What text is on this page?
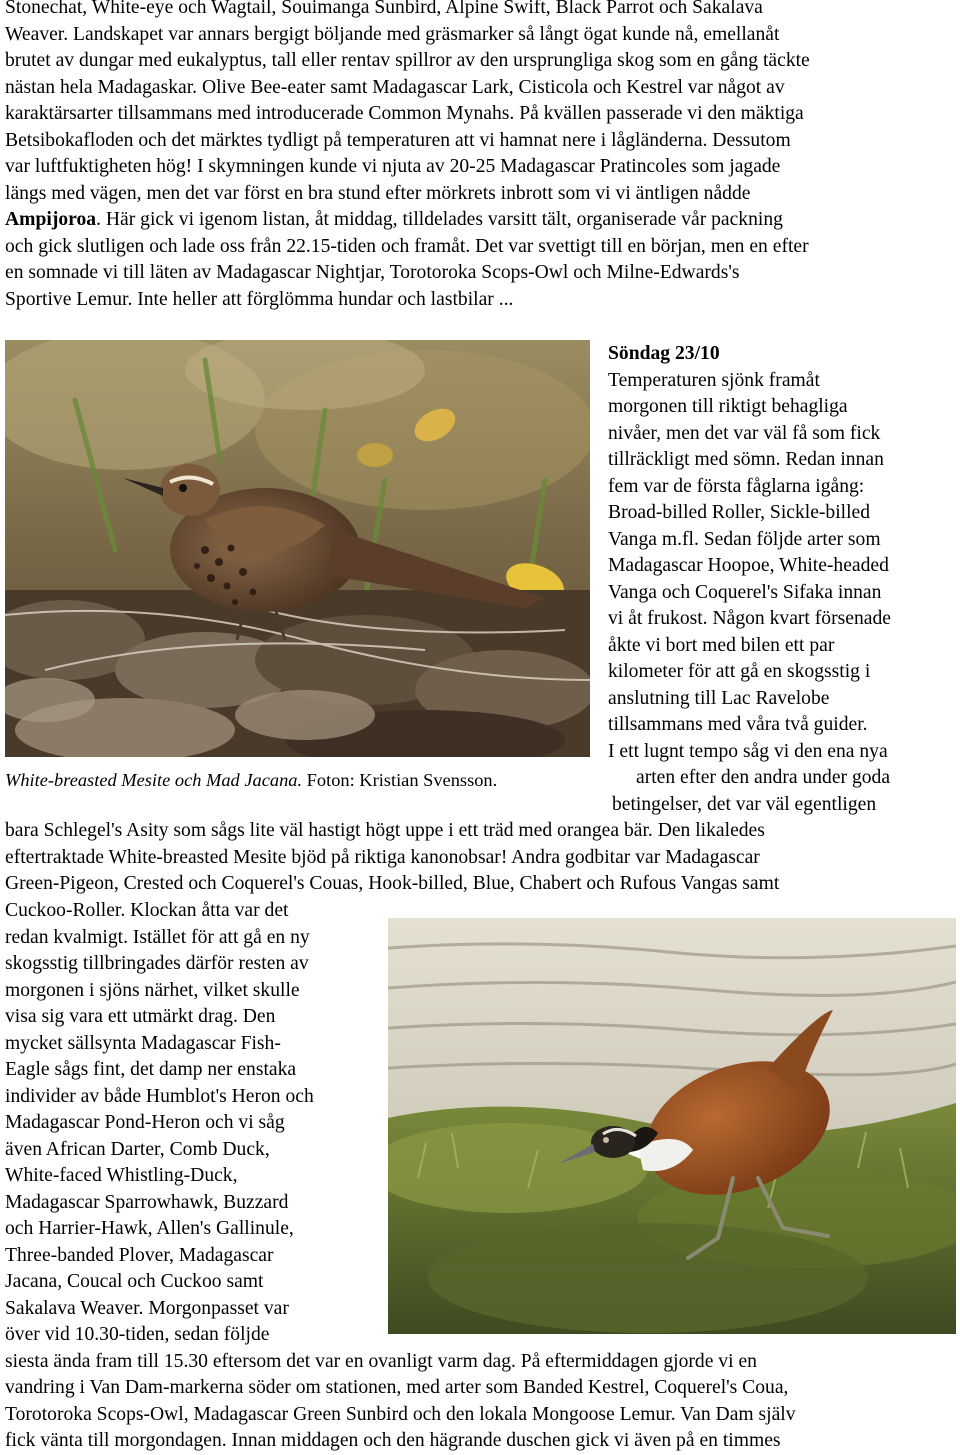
Stonechat, White-eye och Wagtail, Souimanga Sunbird, Alpine Swift, Black Parrot och Sakalava
Weaver. Landskapet var annars bergigt böljande med gräsmarker så långt ögat kunde nå, emellanåt
brutet av dungar med eukalyptus, tall eller rentav spillror av den ursprungliga skog som en gång täckte
nästan hela Madagaskar. Olive Bee-eater samt Madagascar Lark, Cisticola och Kestrel var något av
karaktärsarter tillsammans med introducerade Common Mynahs. På kvällen passerade vi den mäktiga
Betsibokafloden och det märktes tydligt på temperaturen att vi hamnat nere i lågländerna. Dessutom
var luftfuktigheten hög! I skymningen kunde vi njuta av 20-25 Madagascar Pratincoles som jagade
längs med vägen, men det var först en bra stund efter mörkrets inbrott som vi vi äntligen nådde
Ampijoroa. Här gick vi igenom listan, åt middag, tilldelades varsitt tält, organiserade vår packning
och gick slutligen och lade oss från 22.15-tiden och framåt. Det var svettigt till en början, men en efter
en somnade vi till läten av Madagascar Nightjar, Torotoroka Scops-Owl och Milne-Edwards's
Sportive Lemur. Inte heller att förglömma hundar och lastbilar ...
White-breasted Mesite och Mad Jacana. Foton: Kristian Svensson.
Söndag 23/10
Temperaturen sjönk framåt
morgonen till riktigt behagliga
nivåer, men det var väl få som fick
tillräckligt med sömn. Redan innan
fem var de första fåglarna igång:
Broad-billed Roller, Sickle-billed
Vanga m.fl. Sedan följde arter som
Madagascar Hoopoe, White-headed
Vanga och Coquerel's Sifaka innan
vi åt frukost. Någon kvart försenade
åkte vi bort med bilen ett par
kilometer för att gå en skogsstig i
anslutning till Lac Ravelobe
tillsammans med våra två guider.
I ett lugnt tempo såg vi den ena nya
arten efter den andra under goda
betingelser, det var väl egentligen
bara Schlegel's Asity som sågs lite väl hastigt högt uppe i ett träd med orangea bär. Den likaledes
eftertraktade White-breasted Mesite bjöd på riktiga kanonobsar! Andra godbitar var Madagascar
Green-Pigeon, Crested och Coquerel's Couas, Hook-billed, Blue, Chabert och Rufous Vangas samt
Cuckoo-Roller. Klockan åtta var det
redan kvalmigt. Istället för att gå en ny
skogsstig tillbringades därför resten av
morgonen i sjöns närhet, vilket skulle
visa sig vara ett utmärkt drag. Den
mycket sällsynta Madagascar Fish-
Eagle sågs fint, det damp ner enstaka
individer av både Humblot's Heron och
Madagascar Pond-Heron och vi såg
även African Darter, Comb Duck,
White-faced Whistling-Duck,
Madagascar Sparrowhawk, Buzzard
och Harrier-Hawk, Allen's Gallinule,
Three-banded Plover, Madagascar
Jacana, Coucal och Cuckoo samt
Sakalava Weaver. Morgonpasset var
över vid 10.30-tiden, sedan följde
siesta ända fram till 15.30 eftersom det var en ovanligt varm dag. På eftermiddagen gjorde vi en
vandring i Van Dam-markerna söder om stationen, med arter som Banded Kestrel, Coquerel's Coua,
Torotoroka Scops-Owl, Madagascar Green Sunbird och den lokala Mongoose Lemur. Van Dam själv
fick vänta till morgondagen. Innan middagen och den hägrande duschen gick vi även på en timmes
